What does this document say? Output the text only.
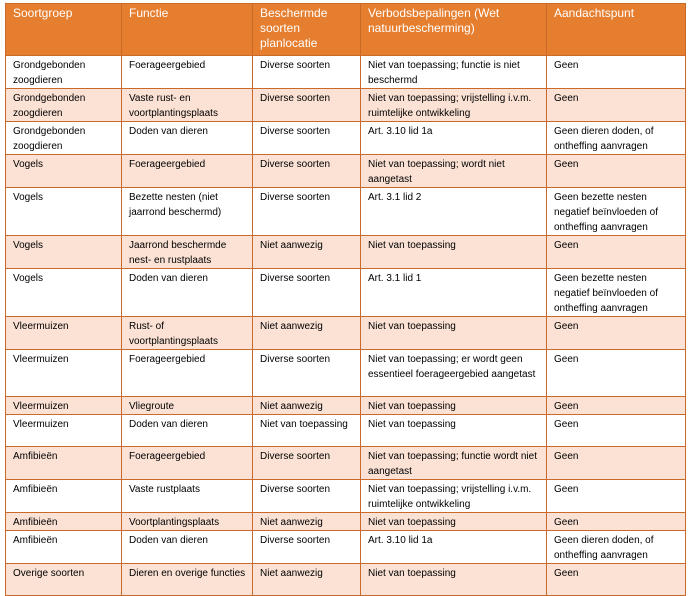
Soortgroep	Functie	Beschermde soorten planlocatie	Verbodsbepalingen (Wet natuurbescherming)	Aandachtspunt
Grondgebonden zoogdieren	Foerageergebied	Diverse soorten	Niet van toepassing; functie is niet beschermd	Geen
Grondgebonden zoogdieren	Vaste rust- en voortplantingsplaats	Diverse soorten	Niet van toepassing; vrijstelling i.v.m. ruimtelijke ontwikkeling	Geen
Grondgebonden zoogdieren	Doden van dieren	Diverse soorten	Art. 3.10 lid 1a	Geen dieren doden, of ontheffing aanvragen
Vogels	Foerageergebied	Diverse soorten	Niet van toepassing; wordt niet aangetast	Geen
Vogels	Bezette nesten (niet jaarrond beschermd)	Diverse soorten	Art. 3.1 lid 2	Geen bezette nesten negatief beïnvloeden of ontheffing aanvragen
Vogels	Jaarrond beschermde nest- en rustplaats	Niet aanwezig	Niet van toepassing	Geen
Vogels	Doden van dieren	Diverse soorten	Art. 3.1 lid 1	Geen bezette nesten negatief beïnvloeden of ontheffing aanvragen
Vleermuizen	Rust- of voortplantingsplaats	Niet aanwezig	Niet van toepassing	Geen
Vleermuizen	Foerageergebied	Diverse soorten	Niet van toepassing; er wordt geen essentieel foerageergebied aangetast	Geen
Vleermuizen	Vliegroute	Niet aanwezig	Niet van toepassing	Geen
Vleermuizen	Doden van dieren	Niet van toepassing	Niet van toepassing	Geen
Amfibieën	Foerageergebied	Diverse soorten	Niet van toepassing; functie wordt niet aangetast	Geen
Amfibieën	Vaste rustplaats	Diverse soorten	Niet van toepassing; vrijstelling i.v.m. ruimtelijke ontwikkeling	Geen
Amfibieën	Voortplantingsplaats	Niet aanwezig	Niet van toepassing	Geen
Amfibieën	Doden van dieren	Diverse soorten	Art. 3.10 lid 1a	Geen dieren doden, of ontheffing aanvragen
Overige soorten	Dieren en overige functies	Niet aanwezig	Niet van toepassing	Geen
